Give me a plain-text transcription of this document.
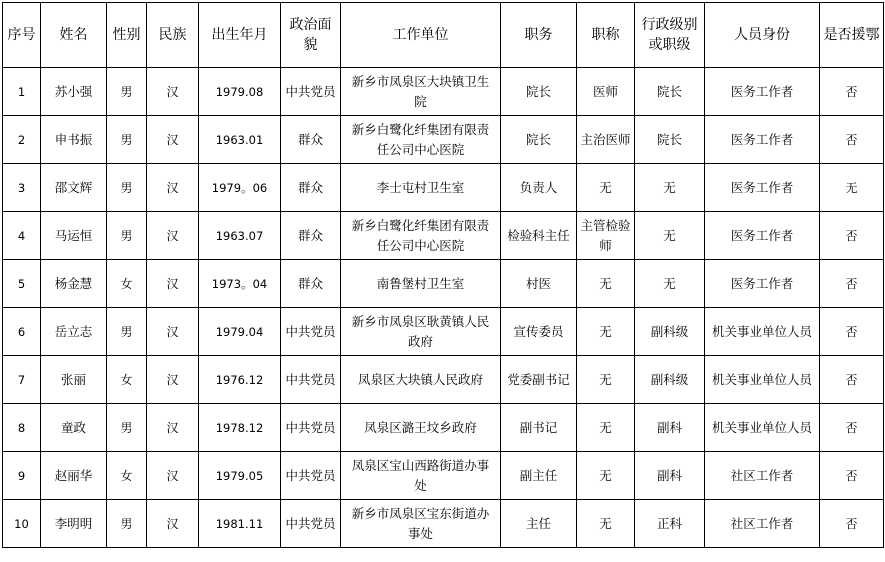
序号	姓名	性别	民族	出生年月	政治面貌	工作单位	职务	职称	行政级别或职级	人员身份	是否援鄂
1	苏小强	男	汉	1979.08	中共党员	新乡市凤泉区大块镇卫生院	院长	医师	院长	医务工作者	否
2	申书振	男	汉	1963.01	群众	新乡白鹭化纤集团有限责任公司中心医院	院长	主治医师	院长	医务工作者	否
3	邵文辉	男	汉	1979。06	群众	李士屯村卫生室	负责人	无	无	医务工作者	无
4	马运恒	男	汉	1963.07	群众	新乡白鹭化纤集团有限责任公司中心医院	检验科主任	主管检验师	无	医务工作者	否
5	杨金慧	女	汉	1973。04	群众	南鲁堡村卫生室	村医	无	无	医务工作者	否
6	岳立志	男	汉	1979.04	中共党员	新乡市凤泉区耿黄镇人民政府	宣传委员	无	副科级	机关事业单位人员	否
7	张丽	女	汉	1976.12	中共党员	凤泉区大块镇人民政府	党委副书记	无	副科级	机关事业单位人员	否
8	童政	男	汉	1978.12	中共党员	凤泉区潞王坟乡政府	副书记	无	副科	机关事业单位人员	否
9	赵丽华	女	汉	1979.05	中共党员	凤泉区宝山西路街道办事处	副主任	无	副科	社区工作者	否
10	李明明	男	汉	1981.11	中共党员	新乡市凤泉区宝东街道办事处	主任	无	正科	社区工作者	否
